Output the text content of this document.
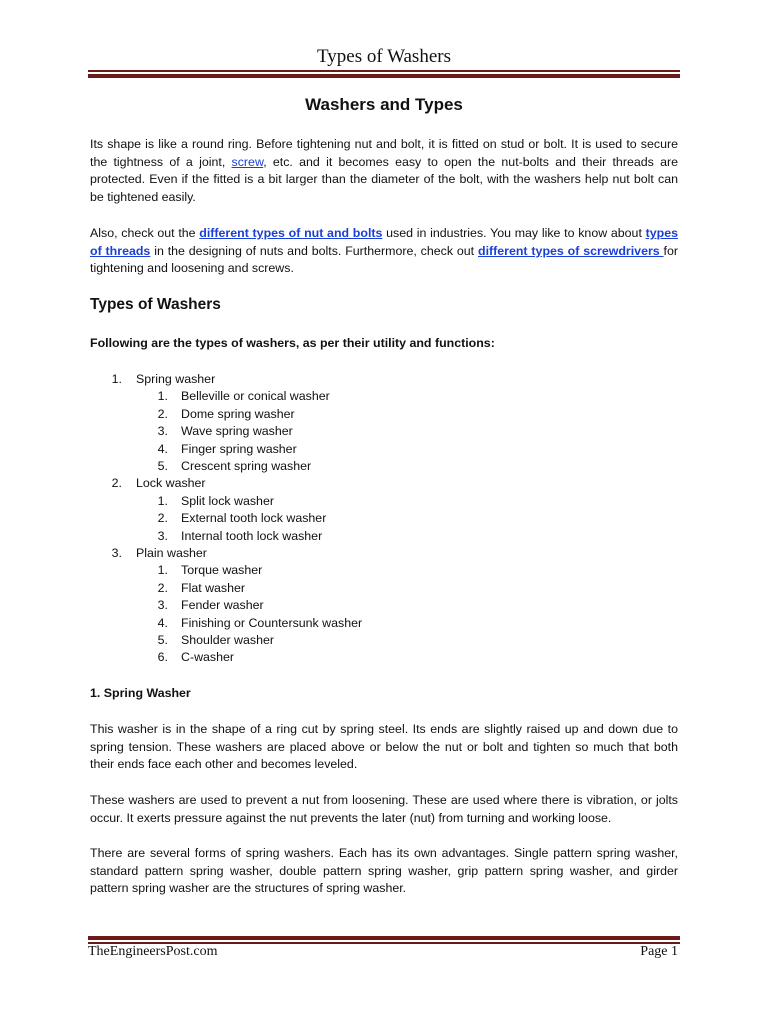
Types of Washers
Washers and Types

Its shape is like a round ring. Before tightening nut and bolt, it is fitted on stud or bolt. It is used to secure the tightness of a joint, screw, etc. and it becomes easy to open the nut-bolts and their threads are protected. Even if the fitted is a bit larger than the diameter of the bolt, with the washers help nut bolt can be tightened easily.

Also, check out the different types of nut and bolts used in industries. You may like to know about types of threads in the designing of nuts and bolts. Furthermore, check out different types of screwdrivers for tightening and loosening and screws.

Types of Washers
Following are the types of washers, as per their utility and functions:
1. Spring washer
1. Belleville or conical washer
2. Dome spring washer
3. Wave spring washer
4. Finger spring washer
5. Crescent spring washer
2. Lock washer
1. Split lock washer
2. External tooth lock washer
3. Internal tooth lock washer
3. Plain washer
1. Torque washer
2. Flat washer
3. Fender washer
4. Finishing or Countersunk washer
5. Shoulder washer
6. C-washer
1. Spring Washer

This washer is in the shape of a ring cut by spring steel. Its ends are slightly raised up and down due to spring tension. These washers are placed above or below the nut or bolt and tighten so much that both their ends face each other and becomes leveled.

These washers are used to prevent a nut from loosening. These are used where there is vibration, or jolts occur. It exerts pressure against the nut prevents the later (nut) from turning and working loose.

There are several forms of spring washers. Each has its own advantages. Single pattern spring washer, standard pattern spring washer, double pattern spring washer, grip pattern spring washer, and girder pattern spring washer are the structures of spring washer.

TheEngineersPost.com	Page 1
